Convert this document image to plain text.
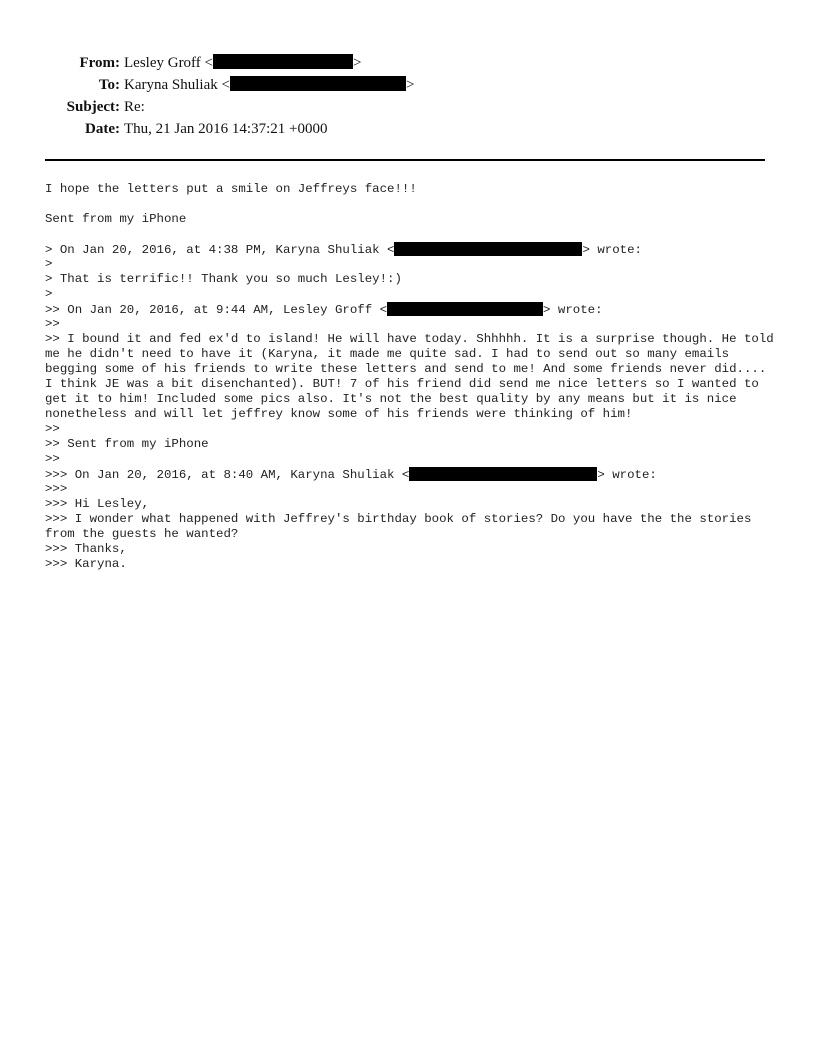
From: Lesley Groff <	>
To: Karyna Shuliak <	>
Subject: Re:
Date: Thu, 21 Jan 2016 14:37:21 +0000
I hope the letters put a smile on Jeffreys face!!!
Sent from my iPhone
> On Jan 20, 2016, at 4:38 PM, Karyna Shuliak <	> wrote:
>
> That is terrific!! Thank you so much Lesley!:)
>
>> On Jan 20, 2016, at 9:44 AM, Lesley Groff <	> wrote:
>>
>> I bound it and fed ex'd to island! He will have today. Shhhhh. It is a surprise though. He told me he didn't need to have it (Karyna, it made me quite sad. I had to send out so many emails begging some of his friends to write these letters and send to me! And some friends never did.... I think JE was a bit disenchanted). BUT! 7 of his friend did send me nice letters so I wanted to get it to him! Included some pics also. It's not the best quality by any means but it is nice nonetheless and will let jeffrey know some of his friends were thinking of him!
>>
>> Sent from my iPhone
>>
>>> On Jan 20, 2016, at 8:40 AM, Karyna Shuliak <	> wrote:
>>>
>>> Hi Lesley,
>>> I wonder what happened with Jeffrey's birthday book of stories? Do you have the the stories from the guests he wanted?
>>> Thanks,
>>> Karyna.
